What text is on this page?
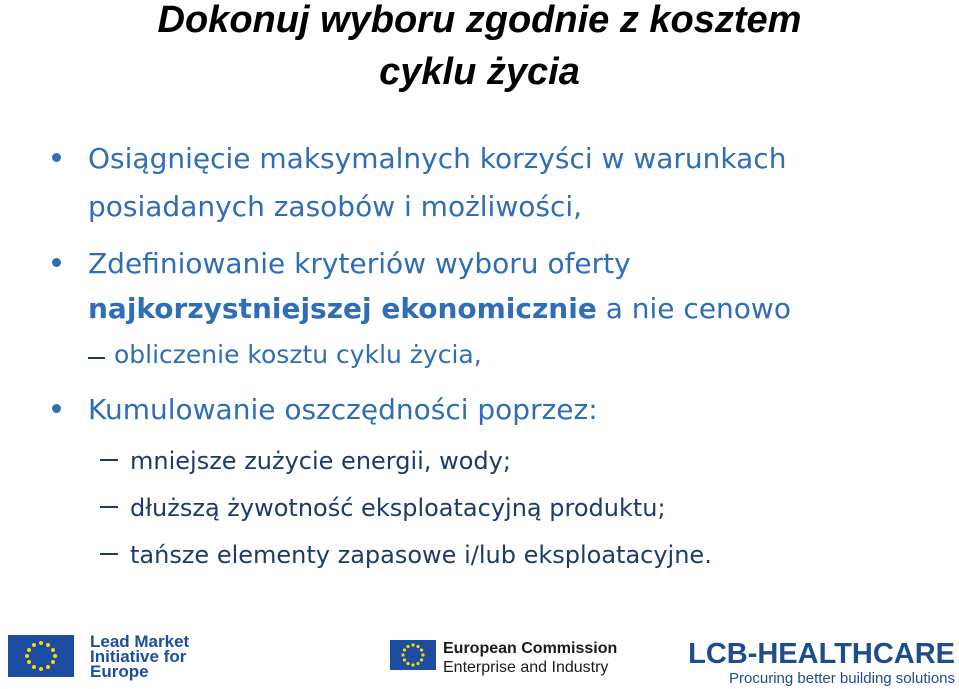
Dokonuj wyboru zgodnie z kosztem
cyklu życia
Osiągnięcie maksymalnych korzyści w warunkach
posiadanych zasobów i możliwości,
Zdefiniowanie kryteriów wyboru oferty
najkorzystniejszej ekonomicznie a nie cenowo
obliczenie kosztu cyklu życia,
Kumulowanie oszczędności poprzez:
mniejsze zużycie energii, wody;
dłuższą żywotność eksploatacyjną produktu;
tańsze elementy zapasowe i/lub eksploatacyjne.
Lead Market
Initiative for
Europe
European Commission
Enterprise and Industry	LCB-HEALTHCARE
Procuring better building solutions
